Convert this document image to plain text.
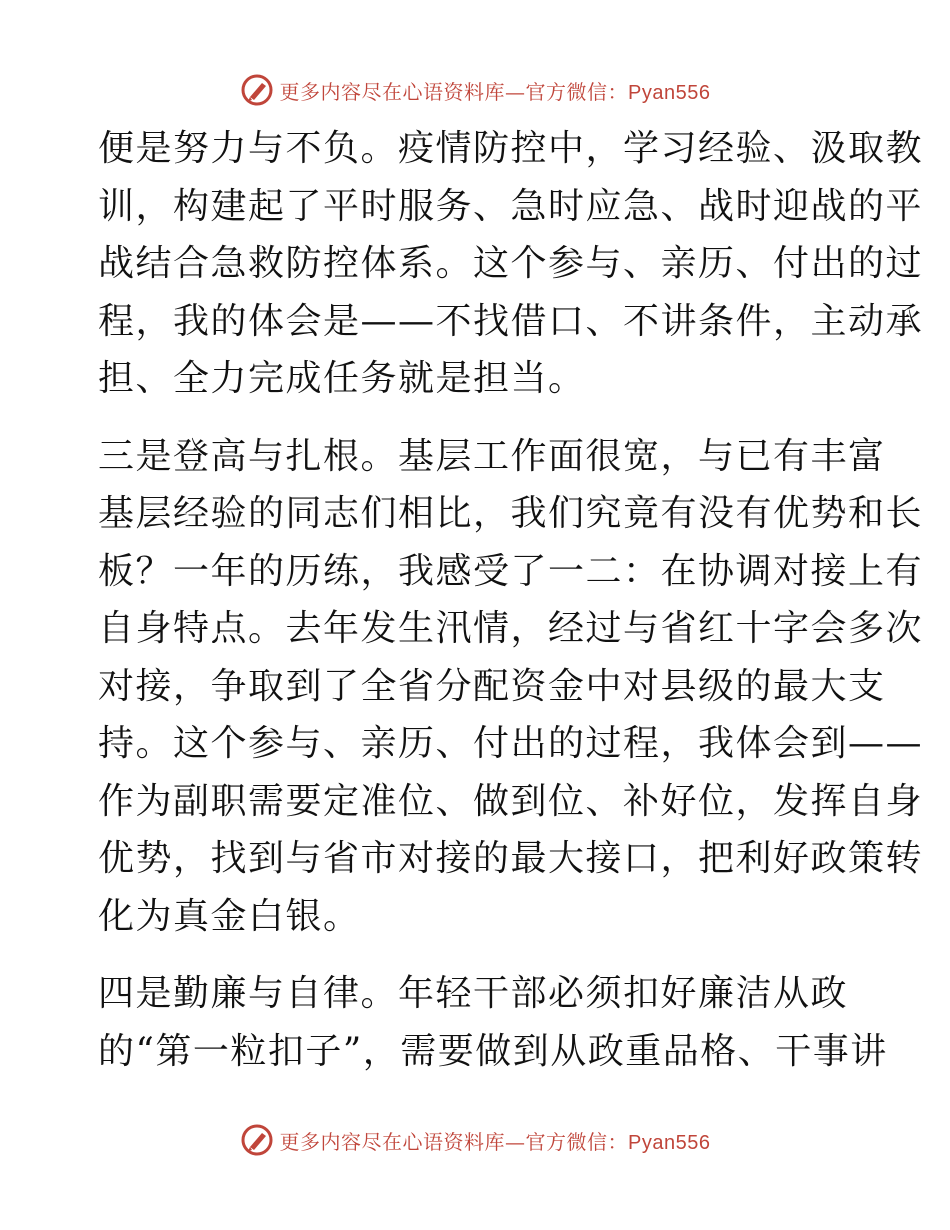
更多内容尽在心语资料库—官方微信：Pyan556
便是努力与不负。疫情防控中，学习经验、汲取教
训，构建起了平时服务、急时应急、战时迎战的平
战结合急救防控体系。这个参与、亲历、付出的过
程，我的体会是——不找借口、不讲条件，主动承
担、全力完成任务就是担当。
三是登高与扎根。基层工作面很宽，与已有丰富
基层经验的同志们相比，我们究竟有没有优势和长
板？一年的历练，我感受了一二：在协调对接上有
自身特点。去年发生汛情，经过与省红十字会多次
对接，争取到了全省分配资金中对县级的最大支
持。这个参与、亲历、付出的过程，我体会到——
作为副职需要定准位、做到位、补好位，发挥自身
优势，找到与省市对接的最大接口，把利好政策转
化为真金白银。
四是勤廉与自律。年轻干部必须扣好廉洁从政
的“第一粒扣子”，需要做到从政重品格、干事讲
更多内容尽在心语资料库—官方微信：Pyan556
